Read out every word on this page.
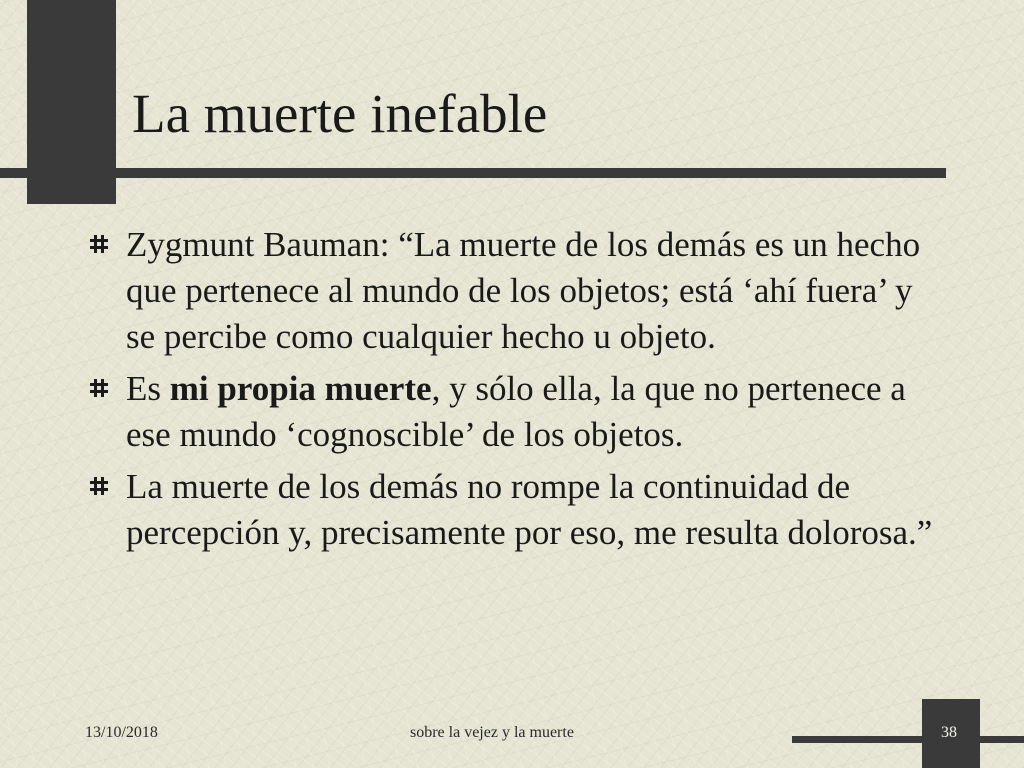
La muerte inefable
Zygmunt Bauman: “La muerte de los demás es un hecho que pertenece al mundo de los objetos; está ‘ahí fuera’ y se percibe como cualquier hecho u objeto.
Es mi propia muerte, y sólo ella, la que no pertenece a ese mundo ‘cognoscible’ de los objetos.
La muerte de los demás no rompe la continuidad de percepción y, precisamente por eso, me resulta dolorosa.”
13/10/2018	sobre la vejez y la muerte	38
